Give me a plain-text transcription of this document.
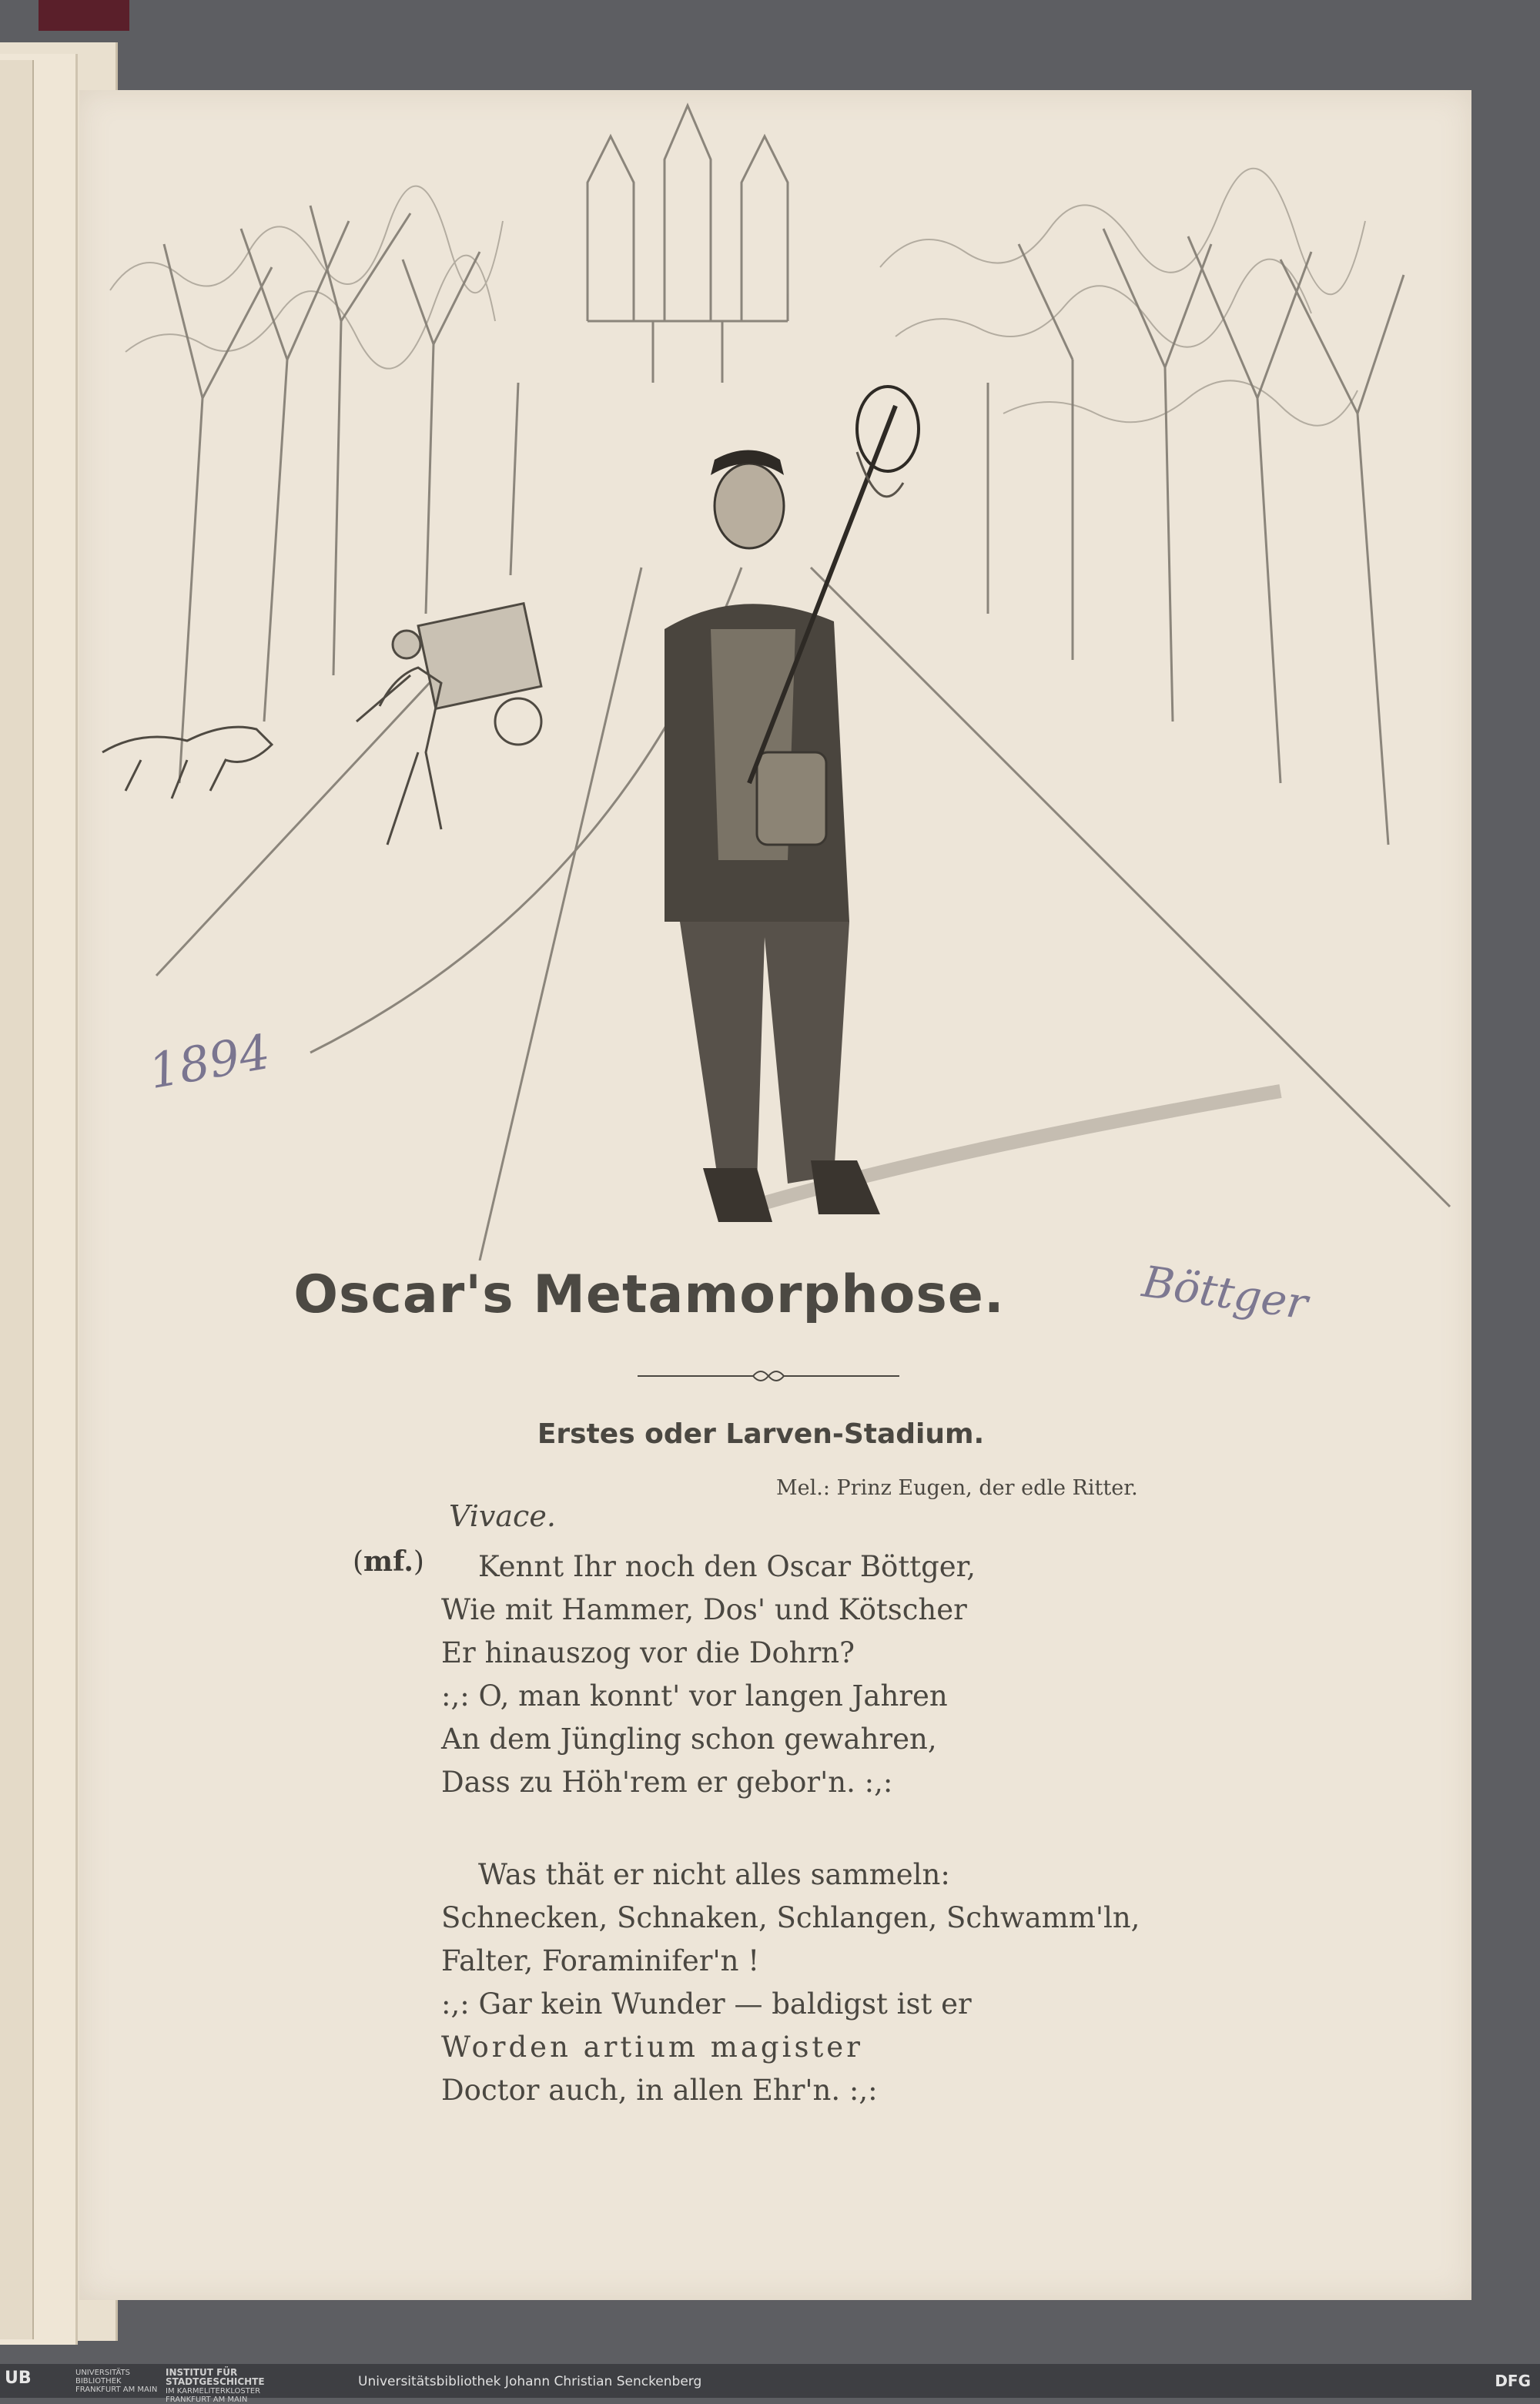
1894
Oscar's Metamorphose.	Böttger
Erstes oder Larven-Stadium.
Mel.: Prinz Eugen, der edle Ritter.
Vivace.
(mf.)	Kennt Ihr noch den Oscar Böttger,
Wie mit Hammer, Dos' und Kötscher
Er hinauszog vor die Dohrn?
:,: O, man konnt' vor langen Jahren
An dem Jüngling schon gewahren,
Dass zu Höh'rem er gebor'n. :,:
Was thät er nicht alles sammeln:
Schnecken, Schnaken, Schlangen, Schwamm'ln,
Falter, Foraminifer'n !
:,: Gar kein Wunder — baldigst ist er
Worden artium magister
Doctor auch, in allen Ehr'n. :,:
UB	UNIVERSITÄTS
BIBLIOTHEK
FRANKFURT AM MAIN
INSTITUT FÜR
STADTGESCHICHTE
IM KARMELITERKLOSTER
FRANKFURT AM MAIN
Universitätsbibliothek Johann Christian Senckenberg	DFG
